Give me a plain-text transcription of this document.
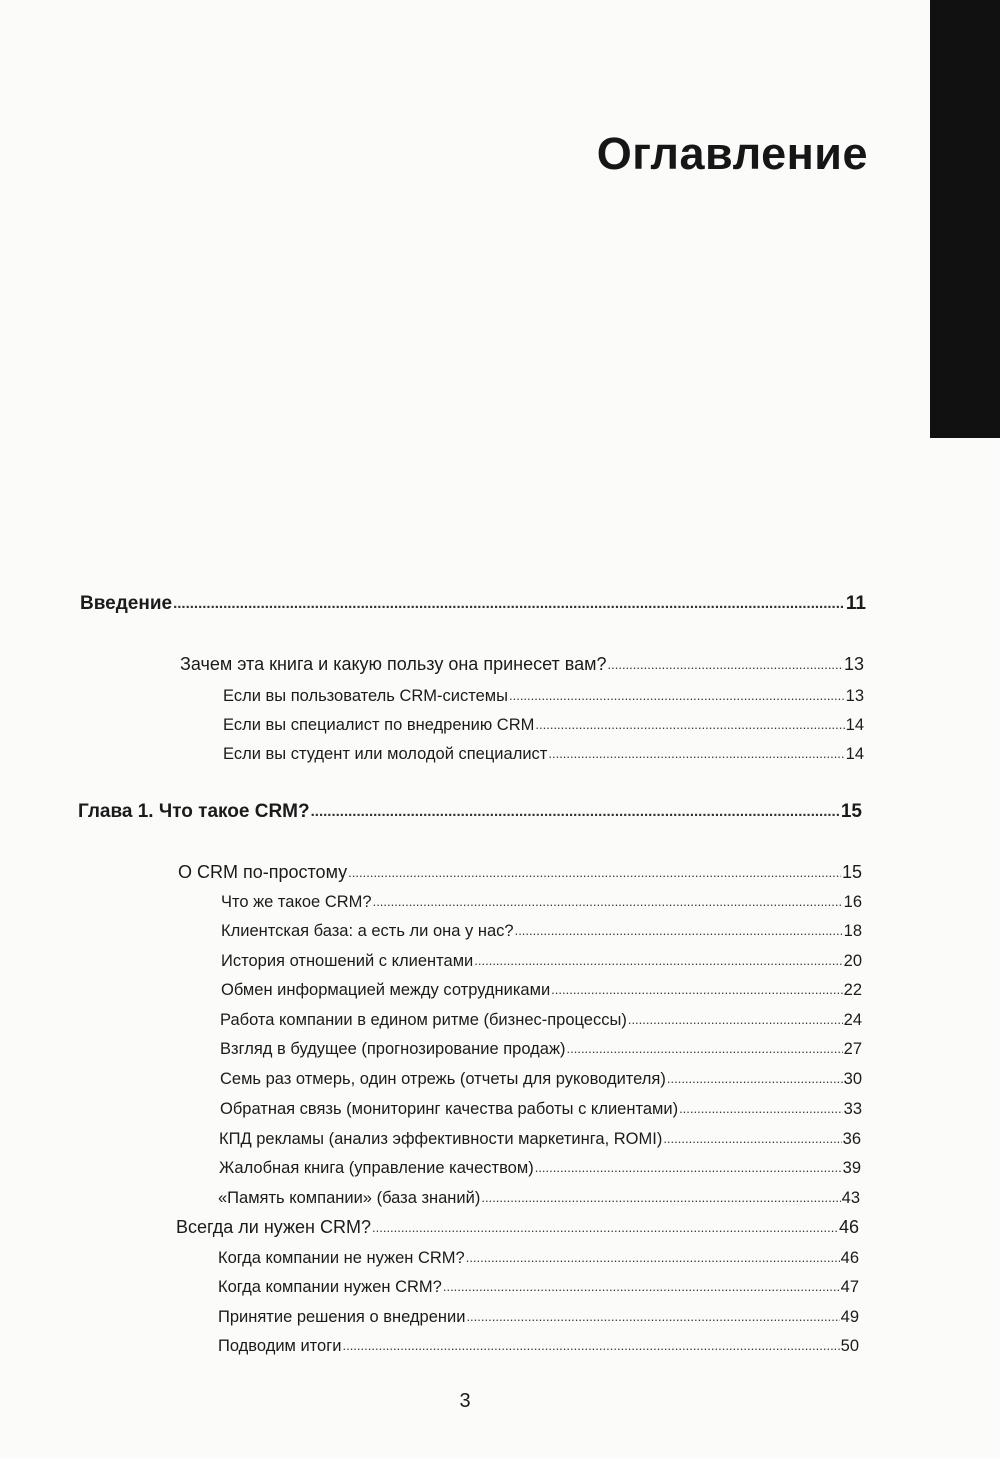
Оглавление
Введение .....	11
Зачем эта книга и какую пользу она принесет вам? .....	13
Если вы пользователь CRM-системы .....	13
Если вы специалист по внедрению CRM .....	14
Если вы студент или молодой специалист .....	14
Глава 1. Что такое CRM? .....	15
О CRM по-простому .....	15
Что же такое CRM? .....	16
Клиентская база: а есть ли она у нас? .....	18
История отношений с клиентами .....	20
Обмен информацией между сотрудниками .....	22
Работа компании в едином ритме (бизнес-процессы) .....	24
Взгляд в будущее (прогнозирование продаж) .....	27
Семь раз отмерь, один отрежь (отчеты для руководителя) .....	30
Обратная связь (мониторинг качества работы с клиентами) .....	33
КПД рекламы (анализ эффективности маркетинга, ROMI) .....	36
Жалобная книга (управление качеством) .....	39
«Память компании» (база знаний) .....	43
Всегда ли нужен CRM? .....	46
Когда компании не нужен CRM? .....	46
Когда компании нужен CRM? .....	47
Принятие решения о внедрении .....	49
Подводим итоги .....	50
3
